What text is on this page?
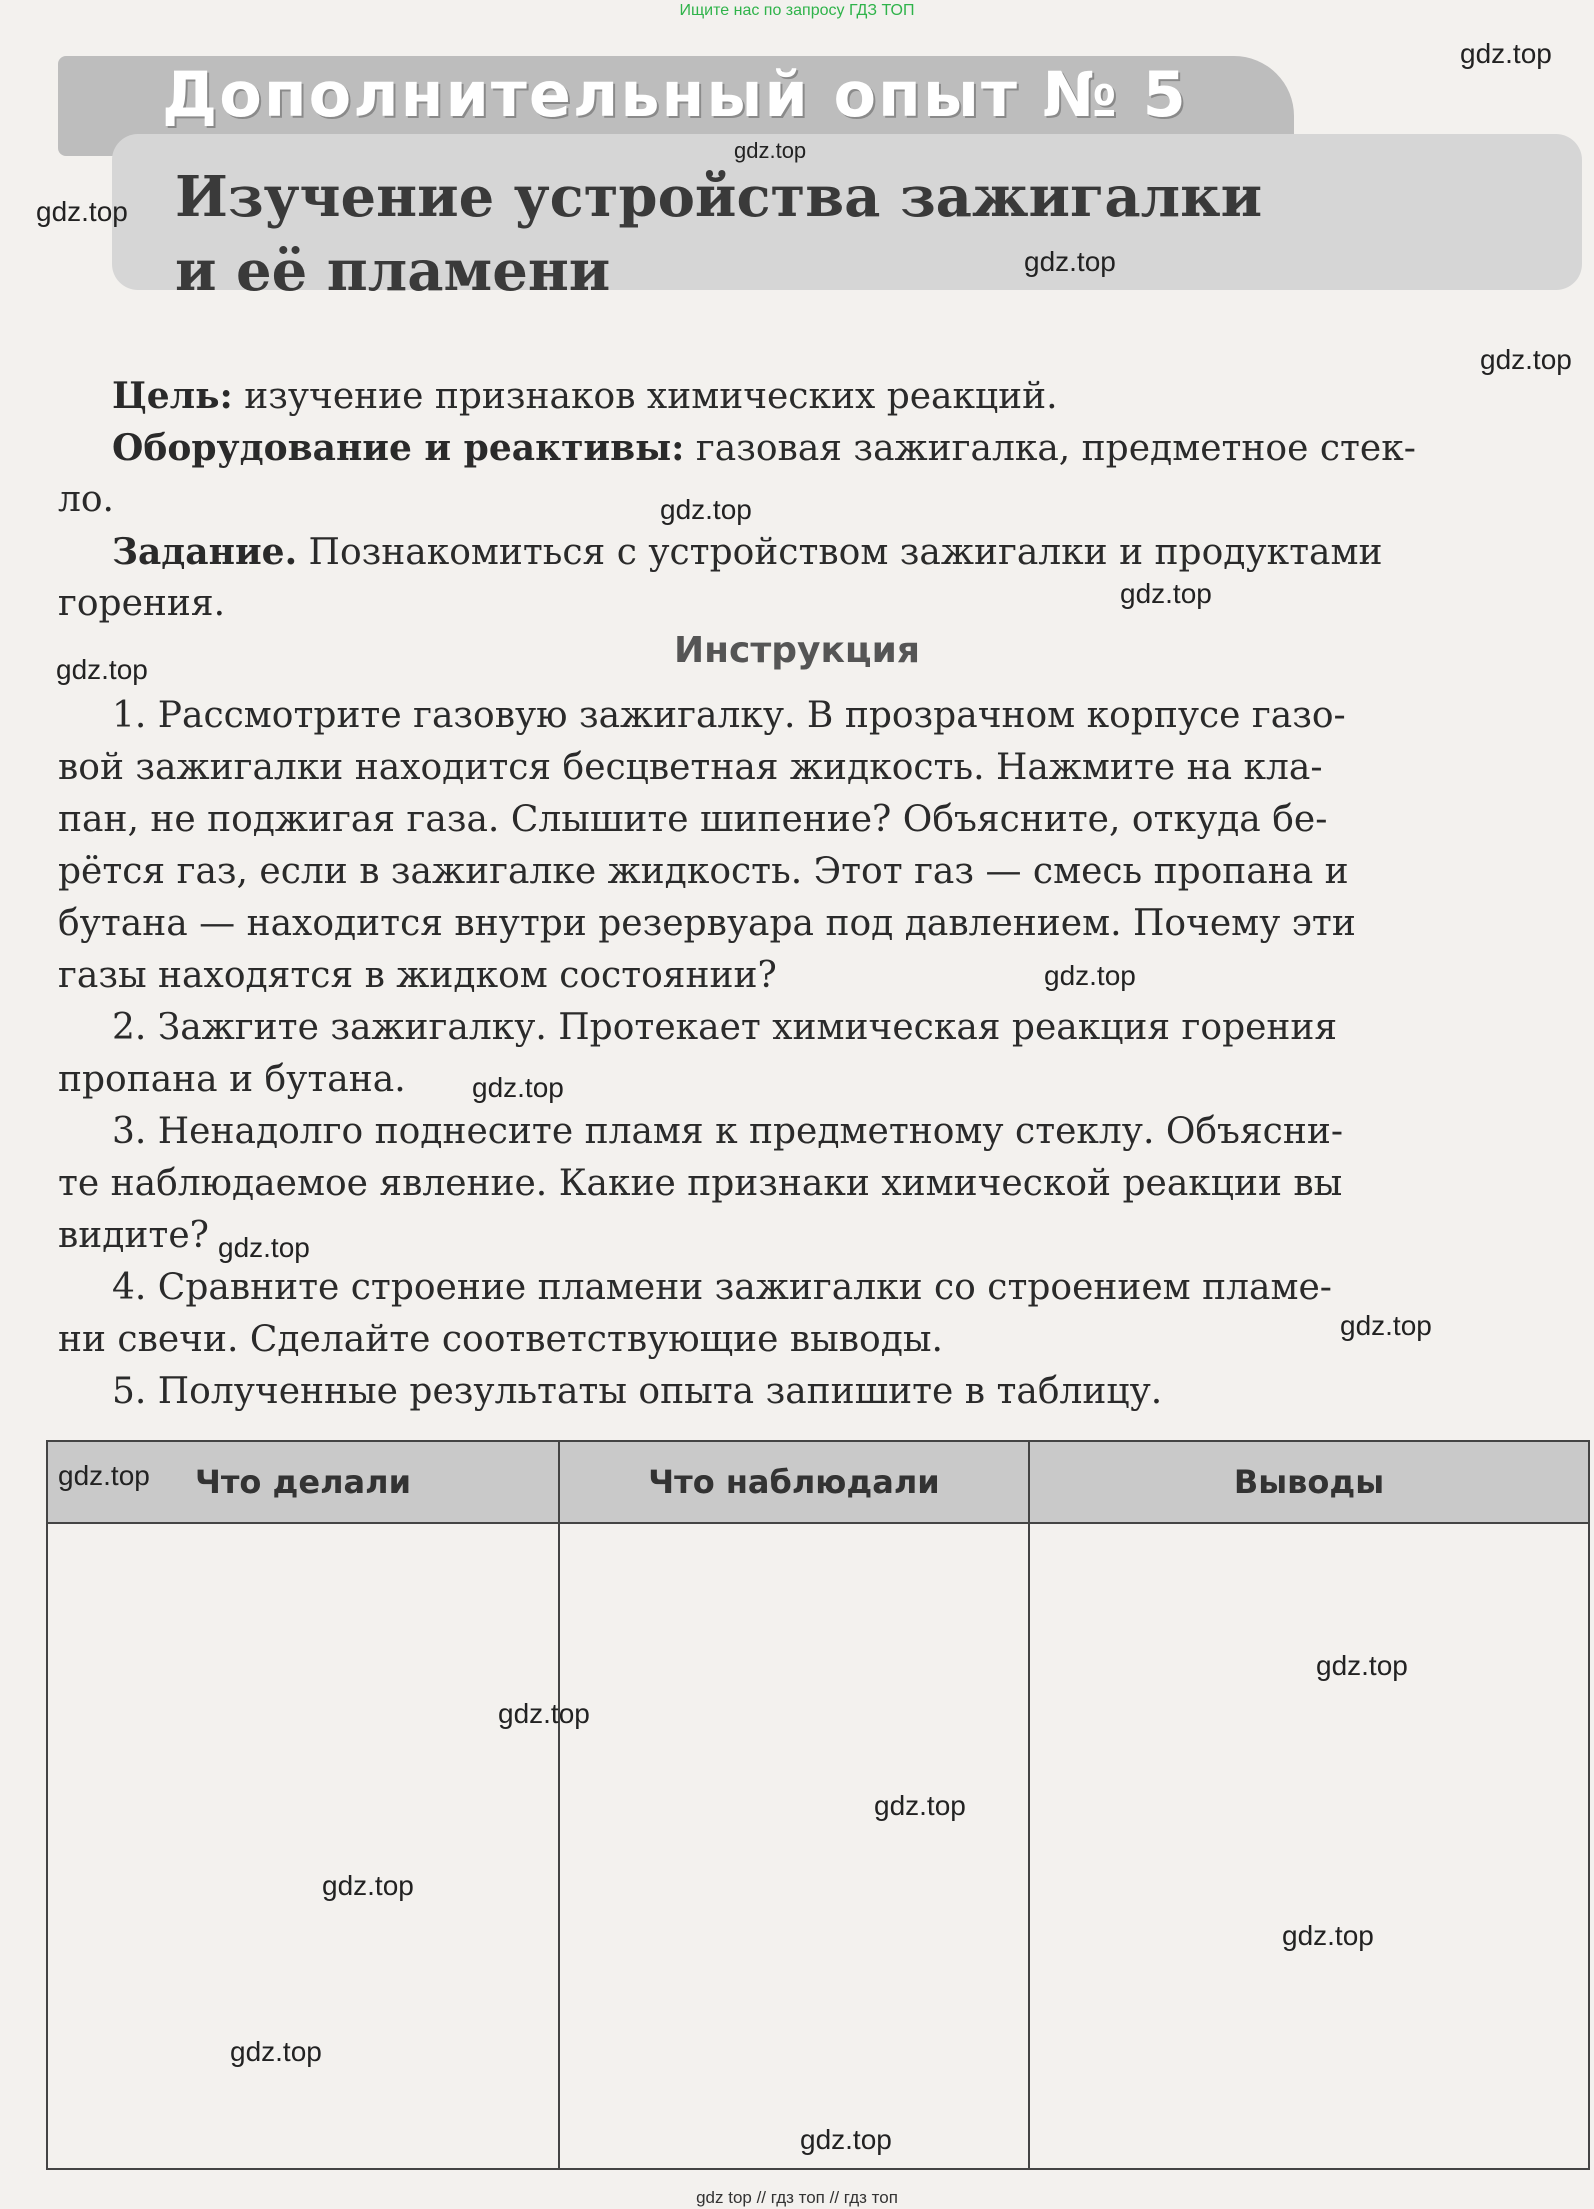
Ищите нас по запросу ГДЗ ТОП
Дополнительный опыт № 5
Изучение устройства зажигалки
и её пламени
Цель: изучение признаков химических реакций.
Оборудование и реактивы: газовая зажигалка, предметное стек-
ло.
Задание. Познакомиться с устройством зажигалки и продуктами
горения.
Инструкция
1. Рассмотрите газовую зажигалку. В прозрачном корпусе газо-
вой зажигалки находится бесцветная жидкость. Нажмите на кла-
пан, не поджигая газа. Слышите шипение? Объясните, откуда бе-
рётся газ, если в зажигалке жидкость. Этот газ — смесь пропана и
бутана — находится внутри резервуара под давлением. Почему эти
газы находятся в жидком состоянии?
2. Зажгите зажигалку. Протекает химическая реакция горения
пропана и бутана.
3. Ненадолго поднесите пламя к предметному стеклу. Объясни-
те наблюдаемое явление. Какие признаки химической реакции вы
видите?
4. Сравните строение пламени зажигалки со строением пламе-
ни свечи. Сделайте соответствующие выводы.
5. Полученные результаты опыта запишите в таблицу.
Что делали	Что наблюдали	Выводы

gdz.top
gdz.top
gdz.top
gdz.top
gdz.top
gdz.top
gdz.top
gdz.top
gdz.top
gdz.top
gdz.top
gdz.top
gdz.top
gdz.top
gdz.top
gdz.top
gdz.top
gdz.top
gdz.top
gdz.top
gdz top // гдз топ // гдз топ
